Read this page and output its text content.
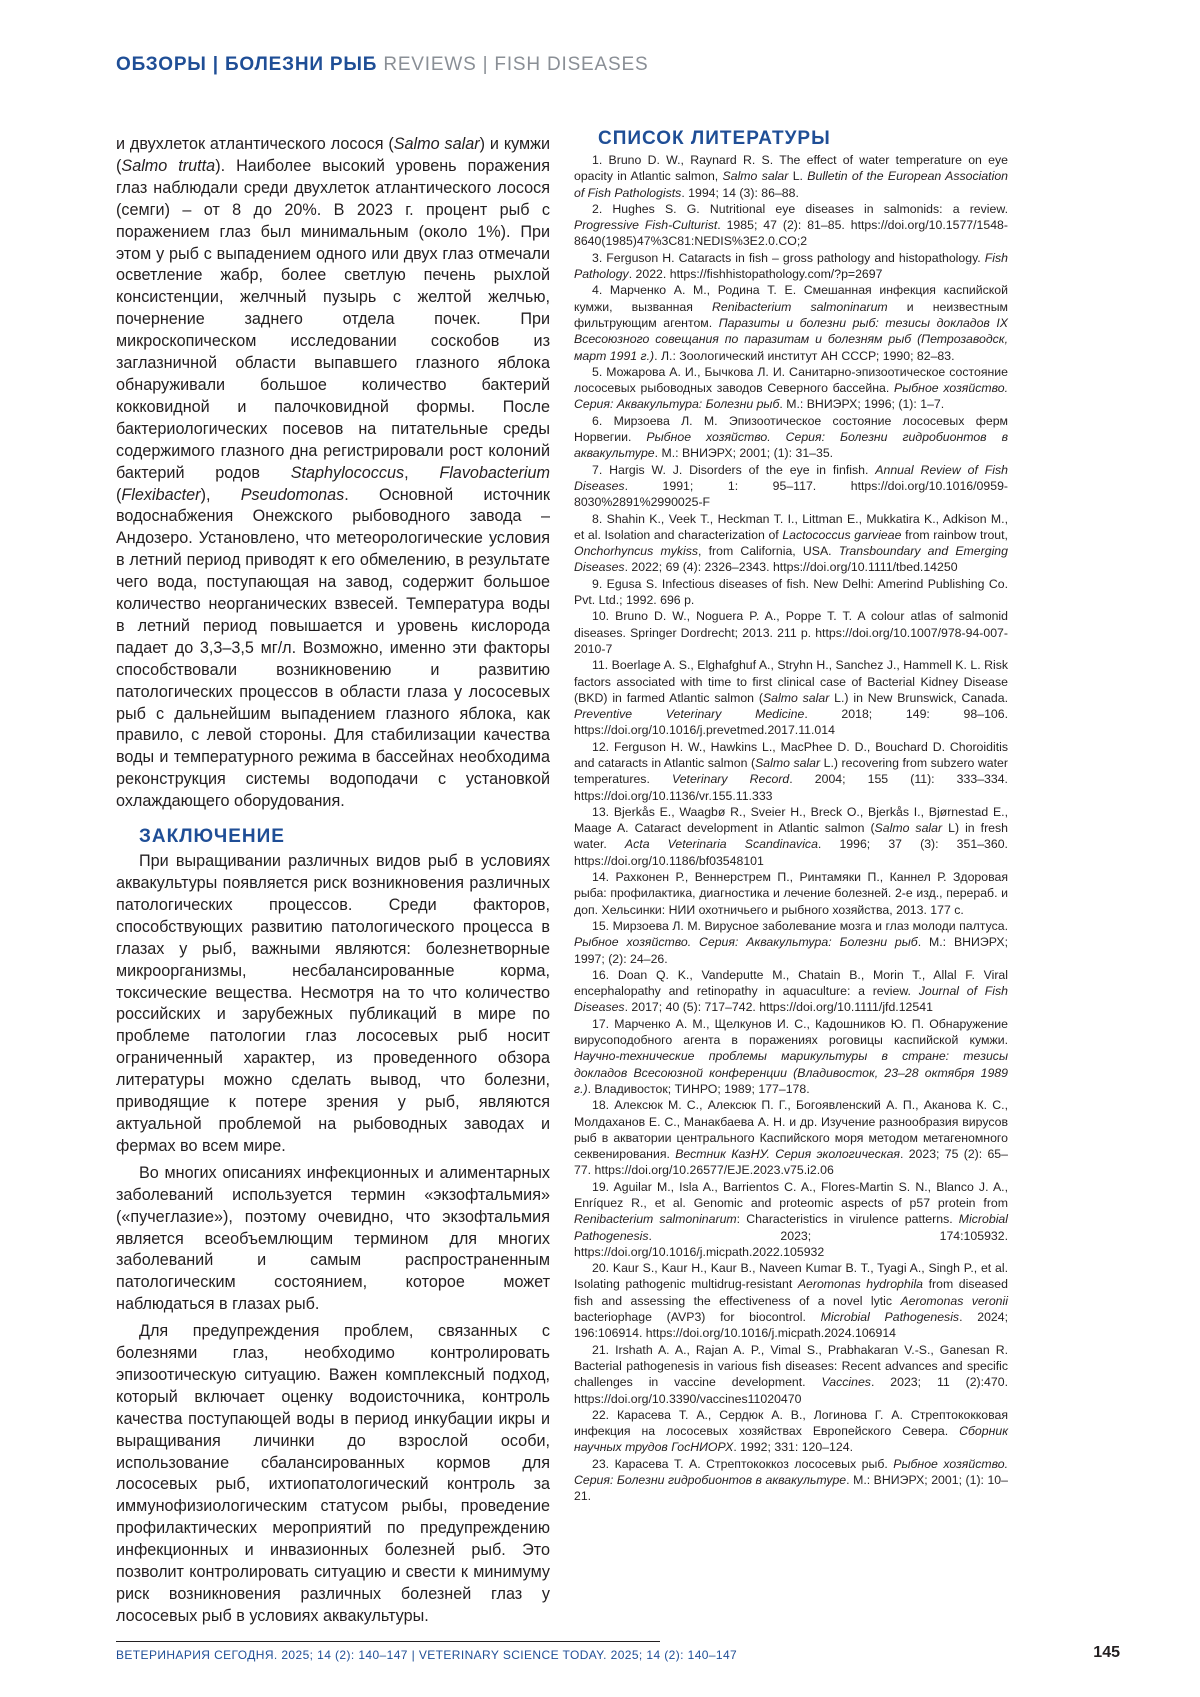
ОБЗОРЫ | БОЛЕЗНИ РЫБ REVIEWS | FISH DISEASES

и двухлеток атлантического лосося (Salmo salar) и кумжи (Salmo trutta). Наиболее высокий уровень поражения глаз наблюдали среди двухлеток атлантического лосося (семги) – от 8 до 20%. В 2023 г. процент рыб с поражением глаз был минимальным (около 1%). При этом у рыб с выпадением одного или двух глаз отмечали осветление жабр, более светлую печень рыхлой консистенции, желчный пузырь с желтой желчью, почернение заднего отдела почек. При микроскопическом исследовании соскобов из заглазничной области выпавшего глазного яблока обнаруживали большое количество бактерий кокковидной и палочковидной формы. После бактериологических посевов на питательные среды содержимого глазного дна регистрировали рост колоний бактерий родов Staphylococcus, Flavobacterium (Flexibacter), Pseudomonas. Основной источник водоснабжения Онежского рыбоводного завода – Андозеро. Установлено, что метеорологические условия в летний период приводят к его обмелению, в результате чего вода, поступающая на завод, содержит большое количество неорганических взвесей. Температура воды в летний период повышается и уровень кислорода падает до 3,3–3,5 мг/л. Возможно, именно эти факторы способствовали возникновению и развитию патологических процессов в области глаза у лососевых рыб с дальнейшим выпадением глазного яблока, как правило, с левой стороны. Для стабилизации качества воды и температурного режима в бассейнах необходима реконструкция системы водоподачи с установкой охлаждающего оборудования.

ЗАКЛЮЧЕНИЕ

При выращивании различных видов рыб в условиях аквакультуры появляется риск возникновения различных патологических процессов. Среди факторов, способствующих развитию патологического процесса в глазах у рыб, важными являются: болезнетворные микроорганизмы, несбалансированные корма, токсические вещества. Несмотря на то что количество российских и зарубежных публикаций в мире по проблеме патологии глаз лососевых рыб носит ограниченный характер, из проведенного обзора литературы можно сделать вывод, что болезни, приводящие к потере зрения у рыб, являются актуальной проблемой на рыбоводных заводах и фермах во всем мире.

Во многих описаниях инфекционных и алиментарных заболеваний используется термин «экзофтальмия» («пучеглазие»), поэтому очевидно, что экзофтальмия является всеобъемлющим термином для многих заболеваний и самым распространенным патологическим состоянием, которое может наблюдаться в глазах рыб.

Для предупреждения проблем, связанных с болезнями глаз, необходимо контролировать эпизоотическую ситуацию. Важен комплексный подход, который включает оценку водоисточника, контроль качества поступающей воды в период инкубации икры и выращивания личинки до взрослой особи, использование сбалансированных кормов для лососевых рыб, ихтиопатологический контроль за иммунофизиологическим статусом рыбы, проведение профилактических мероприятий по предупреждению инфекционных и инвазионных болезней рыб. Это позволит контролировать ситуацию и свести к минимуму риск возникновения различных болезней глаз у лососевых рыб в условиях аквакультуры.

СПИСОК ЛИТЕРАТУРЫ

1. Bruno D. W., Raynard R. S. The effect of water temperature on eye opacity in Atlantic salmon, Salmo salar L. Bulletin of the European Association of Fish Pathologists. 1994; 14 (3): 86–88.

2. Hughes S. G. Nutritional eye diseases in salmonids: a review. Progressive Fish-Culturist. 1985; 47 (2): 81–85. https://doi.org/10.1577/1548-8640(1985)47%3C81:NEDIS%3E2.0.CO;2

3. Ferguson H. Cataracts in fish – gross pathology and histopathology. Fish Pathology. 2022. https://fishhistopathology.com/?p=2697

4. Марченко А. М., Родина Т. Е. Смешанная инфекция каспийской кумжи, вызванная Renibacterium salmoninarum и неизвестным фильтрующим агентом. Паразиты и болезни рыб: тезисы докладов IX Всесоюзного совещания по паразитам и болезням рыб (Петрозаводск, март 1991 г.). Л.: Зоологический институт АН СССР; 1990; 82–83.

5. Можарова А. И., Бычкова Л. И. Санитарно-эпизоотическое состояние лососевых рыбоводных заводов Северного бассейна. Рыбное хозяйство. Серия: Аквакультура: Болезни рыб. М.: ВНИЭРХ; 1996; (1): 1–7.

6. Мирзоева Л. М. Эпизоотическое состояние лососевых ферм Норвегии. Рыбное хозяйство. Серия: Болезни гидробионтов в аквакультуре. М.: ВНИЭРХ; 2001; (1): 31–35.

7. Hargis W. J. Disorders of the eye in finfish. Annual Review of Fish Diseases. 1991; 1: 95–117. https://doi.org/10.1016/0959-8030%2891%2990025-F

8. Shahin K., Veek T., Heckman T. I., Littman E., Mukkatira K., Adkison M., et al. Isolation and characterization of Lactococcus garvieae from rainbow trout, Onchorhyncus mykiss, from California, USA. Transboundary and Emerging Diseases. 2022; 69 (4): 2326–2343. https://doi.org/10.1111/tbed.14250

9. Egusa S. Infectious diseases of fish. New Delhi: Amerind Publishing Co. Pvt. Ltd.; 1992. 696 p.

10. Bruno D. W., Noguera P. A., Poppe T. T. A colour atlas of salmonid diseases. Springer Dordrecht; 2013. 211 p. https://doi.org/10.1007/978-94-007-2010-7

11. Boerlage A. S., Elghafghuf A., Stryhn H., Sanchez J., Hammell K. L. Risk factors associated with time to first clinical case of Bacterial Kidney Disease (BKD) in farmed Atlantic salmon (Salmo salar L.) in New Brunswick, Canada. Preventive Veterinary Medicine. 2018; 149: 98–106. https://doi.org/10.1016/j.prevetmed.2017.11.014

12. Ferguson H. W., Hawkins L., MacPhee D. D., Bouchard D. Choroiditis and cataracts in Atlantic salmon (Salmo salar L.) recovering from subzero water temperatures. Veterinary Record. 2004; 155 (11): 333–334. https://doi.org/10.1136/vr.155.11.333

13. Bjerkås E., Waagbø R., Sveier H., Breck O., Bjerkås I., Bjørnestad E., Maage A. Cataract development in Atlantic salmon (Salmo salar L) in fresh water. Acta Veterinaria Scandinavica. 1996; 37 (3): 351–360. https://doi.org/10.1186/bf03548101

14. Рахконен Р., Веннерстрем П., Ринтамяки П., Каннел Р. Здоровая рыба: профилактика, диагностика и лечение болезней. 2-е изд., перераб. и доп. Хельсинки: НИИ охотничьего и рыбного хозяйства, 2013. 177 с.

15. Мирзоева Л. М. Вирусное заболевание мозга и глаз молоди палтуса. Рыбное хозяйство. Серия: Аквакультура: Болезни рыб. М.: ВНИЭРХ; 1997; (2): 24–26.

16. Doan Q. K., Vandeputte M., Chatain B., Morin T., Allal F. Viral encephalopathy and retinopathy in aquaculture: a review. Journal of Fish Diseases. 2017; 40 (5): 717–742. https://doi.org/10.1111/jfd.12541

17. Марченко А. М., Щелкунов И. С., Кадошников Ю. П. Обнаружение вирусоподобного агента в поражениях роговицы каспийской кумжи. Научно-технические проблемы марикультуры в стране: тезисы докладов Всесоюзной конференции (Владивосток, 23–28 октября 1989 г.). Владивосток; ТИНРО; 1989; 177–178.

18. Алексюк М. С., Алексюк П. Г., Богоявленский А. П., Аканова К. С., Молдаханов Е. С., Манакбаева А. Н. и др. Изучение разнообразия вирусов рыб в акватории центрального Каспийского моря методом метагеномного секвенирования. Вестник КазНУ. Серия экологическая. 2023; 75 (2): 65–77. https://doi.org/10.26577/EJE.2023.v75.i2.06

19. Aguilar M., Isla A., Barrientos C. A., Flores-Martin S. N., Blanco J. A., Enríquez R., et al. Genomic and proteomic aspects of p57 protein from Renibacterium salmoninarum: Characteristics in virulence patterns. Microbial Pathogenesis. 2023; 174:105932. https://doi.org/10.1016/j.micpath.2022.105932

20. Kaur S., Kaur H., Kaur B., Naveen Kumar B. T., Tyagi A., Singh P., et al. Isolating pathogenic multidrug-resistant Aeromonas hydrophila from diseased fish and assessing the effectiveness of a novel lytic Aeromonas veronii bacteriophage (AVP3) for biocontrol. Microbial Pathogenesis. 2024; 196:106914. https://doi.org/10.1016/j.micpath.2024.106914

21. Irshath A. A., Rajan A. P., Vimal S., Prabhakaran V.-S., Ganesan R. Bacterial pathogenesis in various fish diseases: Recent advances and specific challenges in vaccine development. Vaccines. 2023; 11 (2):470. https://doi.org/10.3390/vaccines11020470

22. Карасева Т. А., Сердюк А. В., Логинова Г. А. Стрептококковая инфекция на лососевых хозяйствах Европейского Севера. Сборник научных трудов ГосНИОРХ. 1992; 331: 120–124.

23. Карасева Т. А. Стрептококкоз лососевых рыб. Рыбное хозяйство. Серия: Болезни гидробионтов в аквакультуре. М.: ВНИЭРХ; 2001; (1): 10–21.

ВЕТЕРИНАРИЯ СЕГОДНЯ. 2025; 14 (2): 140–147 | VETERINARY SCIENCE TODAY. 2025; 14 (2): 140–147	145
